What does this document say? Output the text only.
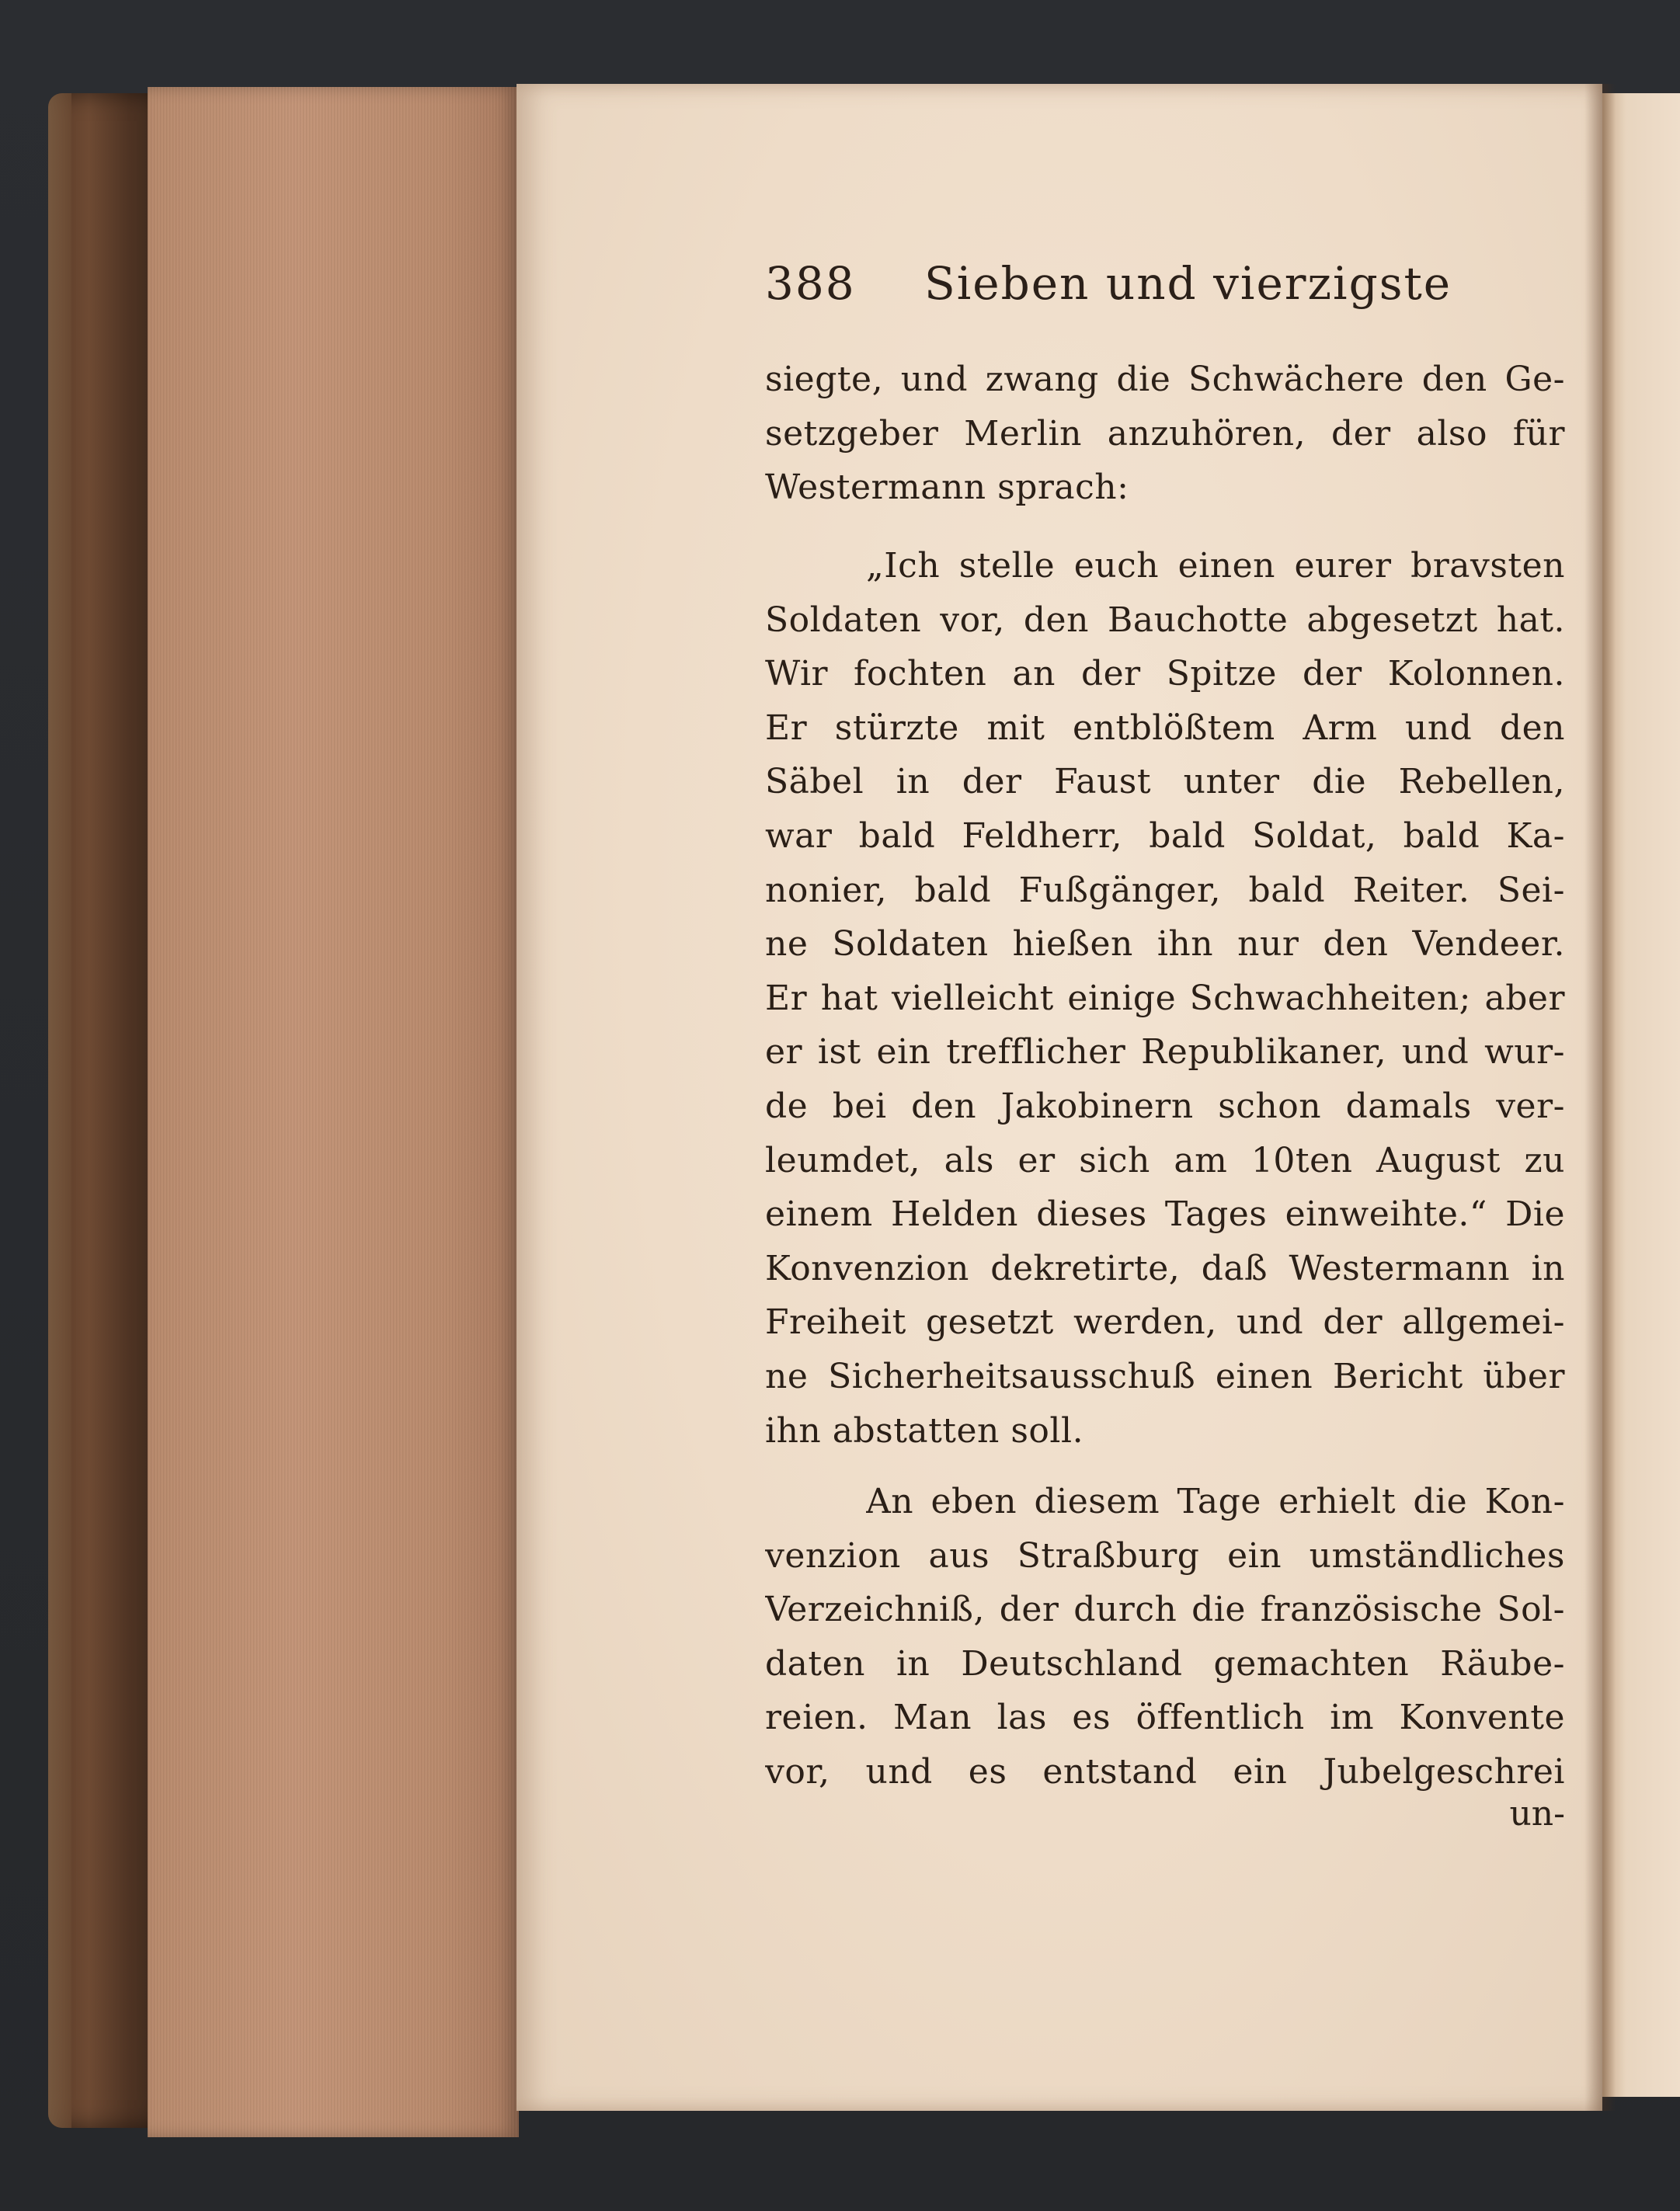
388 Sieben und vierzigste
siegte, und zwang die Schwächere den Ge-
setzgeber Merlin anzuhören, der also für
Westermann sprach:
„Ich stelle euch einen eurer bravsten
Soldaten vor, den Bauchotte abgesetzt hat.
Wir fochten an der Spitze der Kolonnen.
Er stürzte mit entblößtem Arm und den
Säbel in der Faust unter die Rebellen,
war bald Feldherr, bald Soldat, bald Ka-
nonier, bald Fußgänger, bald Reiter. Sei-
ne Soldaten hießen ihn nur den Vendeer.
Er hat vielleicht einige Schwachheiten; aber
er ist ein trefflicher Republikaner, und wur-
de bei den Jakobinern schon damals ver-
leumdet, als er sich am 10ten August zu
einem Helden dieses Tages einweihte.“ Die
Konvenzion dekretirte, daß Westermann in
Freiheit gesetzt werden, und der allgemei-
ne Sicherheitsausschuß einen Bericht über
ihn abstatten soll.
An eben diesem Tage erhielt die Kon-
venzion aus Straßburg ein umständliches
Verzeichniß, der durch die französische Sol-
daten in Deutschland gemachten Räube-
reien. Man las es öffentlich im Konvente
vor, und es entstand ein Jubelgeschrei
un-
